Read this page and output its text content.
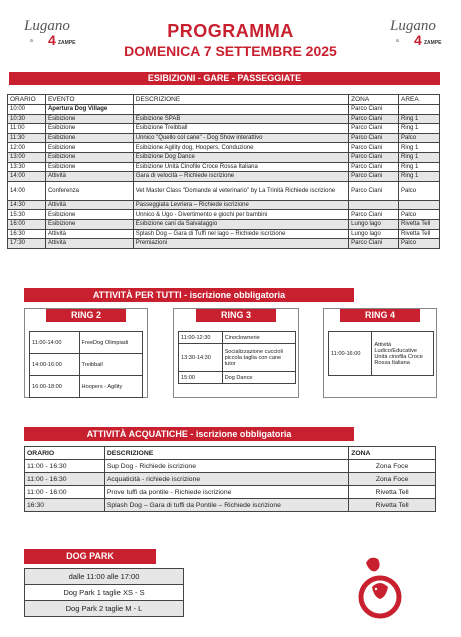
Lugano
a 4 ZAMPE
Lugano
a 4 ZAMPE
PROGRAMMA
DOMENICA 7 SETTEMBRE 2025
ESIBIZIONI - GARE - PASSEGGIATE
ORARIO	EVENTO	DESCRIZIONE	ZONA	AREA
10:00	Apertura Dog Village		Parco Ciani	
10:30	Esibizione	Esibizione SPAB	Parco Ciani	Ring 1
11:00	Esibizione	Esibizione Treibball	Parco Ciani	Ring 1
11:30	Esibizione	Unnico "Quello col cane" - Dog Show interattivo	Parco Ciani	Palco
12:00	Esibizione	Esibizione Agility dog, Hoopers, Conduzione	Parco Ciani	Ring 1
13:00	Esibizione	Esibizione Dog Dance	Parco Ciani	Ring 1
13:30	Esibizione	Esibizione Unità Cinofile Croce Rossa Italiana	Parco Ciani	Ring 1
14:00	Attività	Gara di velocità – Richiede iscrizione	Parco Ciani	Ring 1
14:00	Conferenza	Vet Master Class "Domande al veterinario" by La Trinità Richiede iscrizione	Parco Ciani	Palco
14:30	Attività	Passeggiata Levriera – Richiede iscrizione		
15:30	Esibizione	Unnico & Ugo - Divertimento e giochi per bambini	Parco Ciani	Palco
16:00	Esibizione	Esibizione cani da Salvataggio	Lungo lago	Rivetta Tell
16:30	Attività	Splash Dog – Gara di Tuffi nel lago – Richiede iscrizione	Lungo lago	Rivetta Tell
17:30	Attività	Premiazioni	Parco Ciani	Palco
ATTIVITÀ PER TUTTI - iscrizione obbligatoria
RING 2
11:00-14:00	FreeDog Olimpiadi
14:00-16:00	Treibball
16:00-18:00	Hoopers - Agility
RING 3
11:00-12:30	Cinoclownerie
13:30-14:30	Socializzazione cuccioli piccola taglia con cane tutor
15:00	Dog Dance
RING 4
11:00-16:00	Attività Ludico/Educative Unità cinofila Croce Rossa Italiana
ATTIVITÀ ACQUATICHE - iscrizione obbligatoria
ORARIO	DESCRIZIONE	ZONA
11:00 - 16:30	Sup Dog - Richiede iscrizione	Zona Foce
11:00 - 16:30	Acquaticità - richiede iscrizione	Zona Foce
11:00 - 16:00	Prove tuffi da pontile - Richiede iscrizione	Rivetta Tell
16:30	Splash Dog – Gara di tuffi da Pontile – Richiede iscrizione	Rivetta Tell
DOG PARK
dalle 11:00 alle 17:00
Dog Park 1 taglie XS - S
Dog Park 2 taglie M - L
